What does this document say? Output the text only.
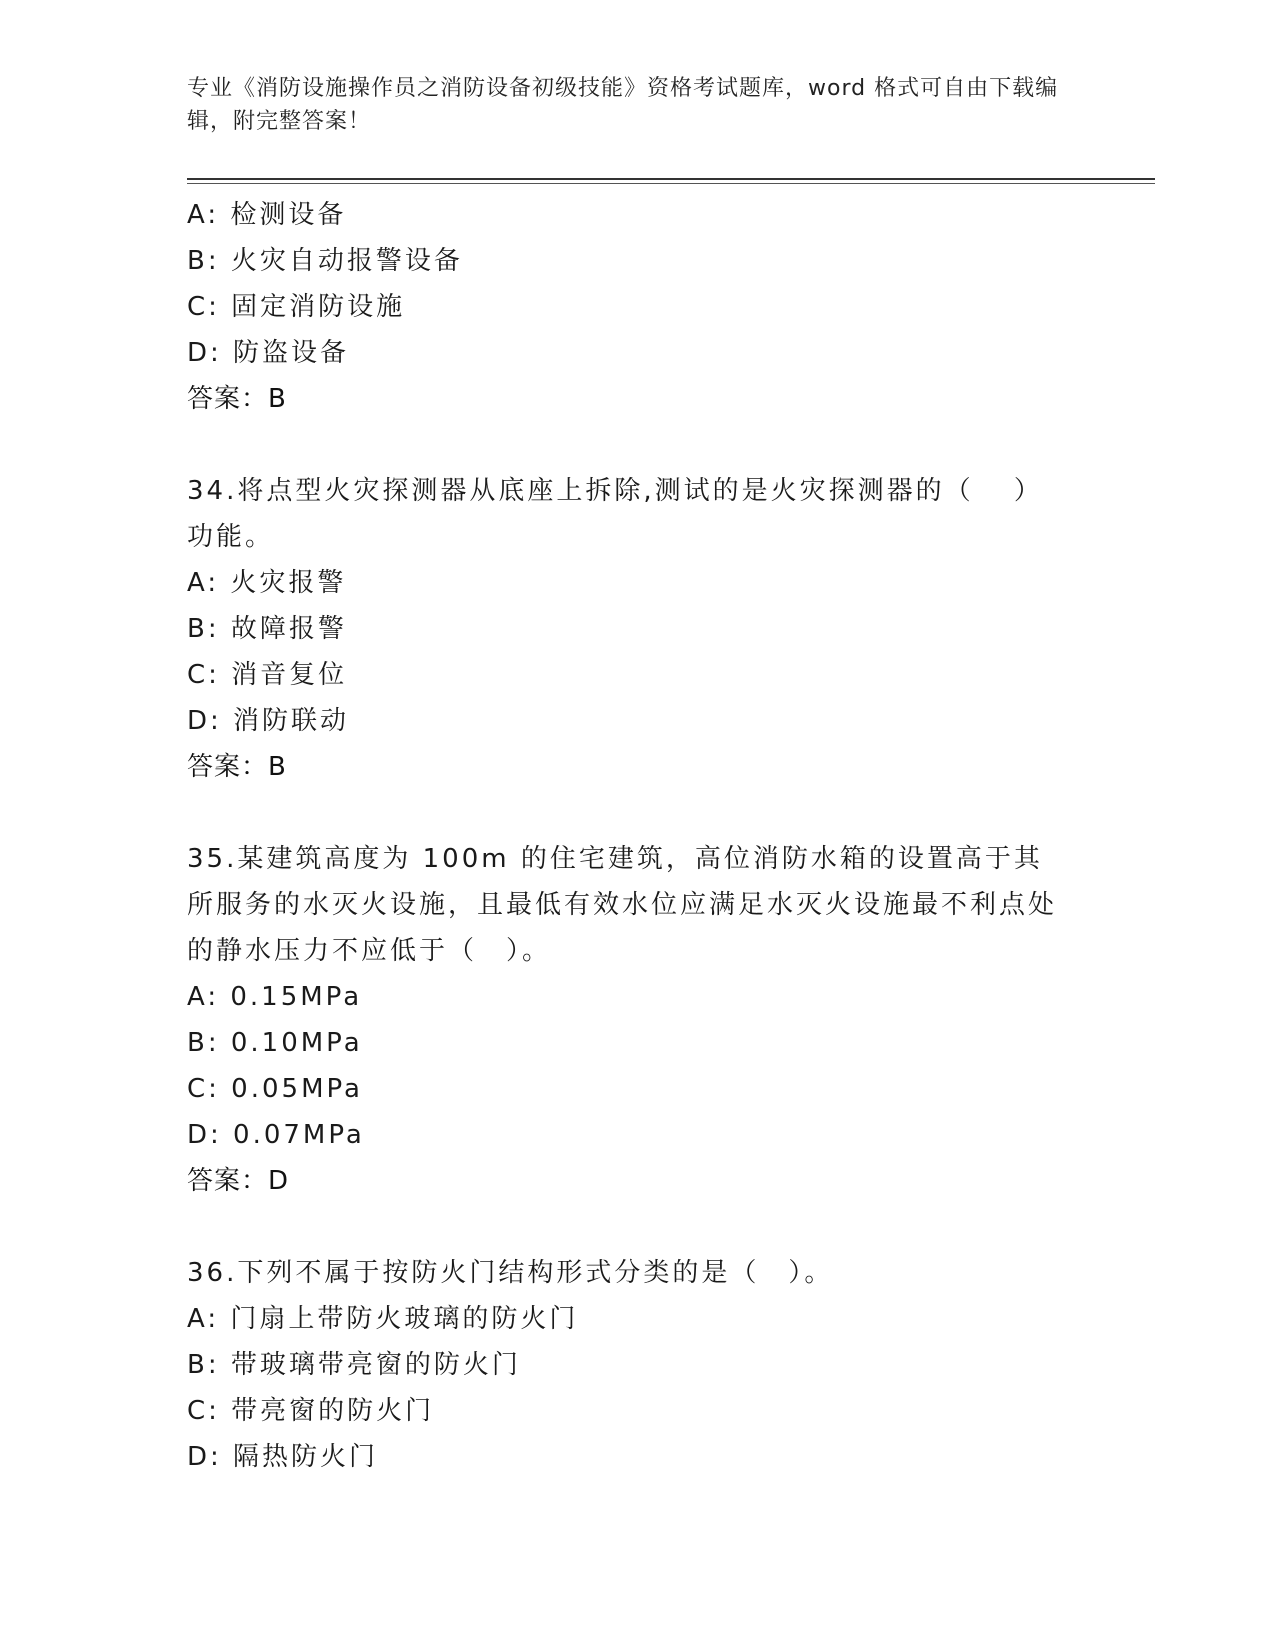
专业《消防设施操作员之消防设备初级技能》资格考试题库，word 格式可自由下载编辑，附完整答案！
A: 检测设备
B: 火灾自动报警设备
C: 固定消防设施
D: 防盗设备
答案：B
34.将点型火灾探测器从底座上拆除,测试的是火灾探测器的（　 ）功能。
A: 火灾报警
B: 故障报警
C: 消音复位
D: 消防联动
答案：B
35.某建筑高度为 100m 的住宅建筑，高位消防水箱的设置高于其所服务的水灭火设施，且最低有效水位应满足水灭火设施最不利点处的静水压力不应低于（　）。
A: 0.15MPa
B: 0.10MPa
C: 0.05MPa
D: 0.07MPa
答案：D
36.下列不属于按防火门结构形式分类的是（　）。
A: 门扇上带防火玻璃的防火门
B: 带玻璃带亮窗的防火门
C: 带亮窗的防火门
D: 隔热防火门
